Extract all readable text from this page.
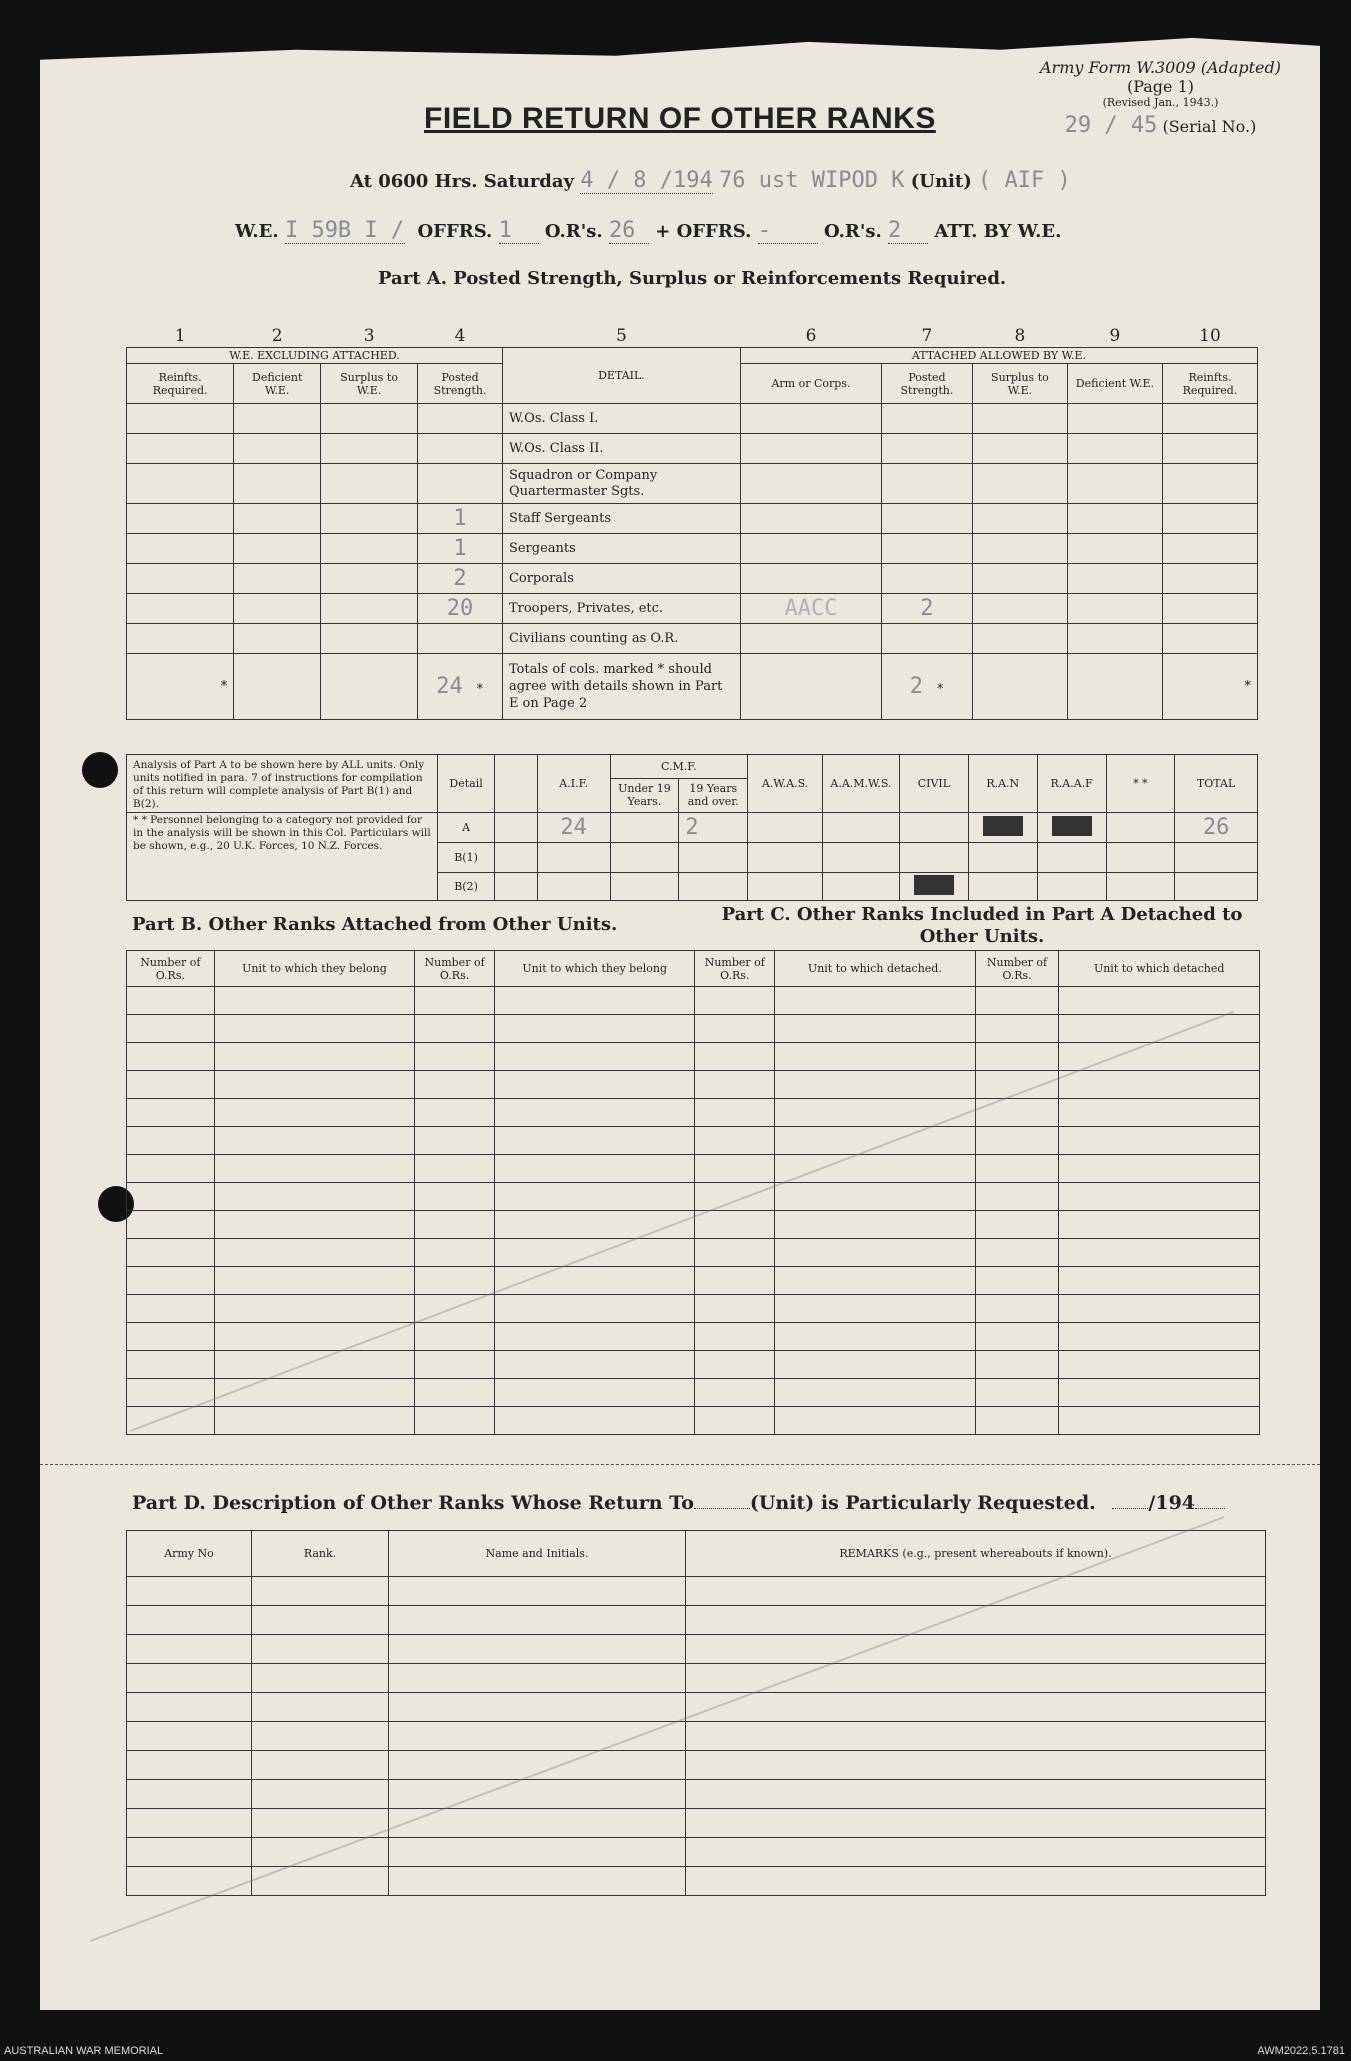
Army Form W.3009 (Adapted)
(Page 1)
(Revised Jan., 1943.)
29 / 45 (Serial No.)
FIELD RETURN OF OTHER RANKS
At 0600 Hrs. Saturday 4 / 8 /194 76 ust WIPOD K (Unit) ( AIF )
W.E. I 59B I / OFFRS. 1 O.R's. 26 + OFFRS. -	O.R's. 2 ATT. BY W.E.
Part A. Posted Strength, Surplus or Reinforcements Required.
1	2	3	4	5	6	7	8	9	10
W.E. EXCLUDING ATTACHED.				DETAIL.	ATTACHED ALLOWED BY W.E.				
Reinfts. Required.	Deficient W.E.	Surplus to W.E.	Posted Strength.		Arm or Corps.	Posted Strength.	Surplus to W.E.	Deficient W.E.	Reinfts. Required.
				W.Os. Class I.					
				W.Os. Class II.					
				Squadron or Company Quartermaster Sgts.					
			1	Staff Sergeants					
			1	Sergeants					
			2	Corporals					
			20	Troopers, Privates, etc.	AACC	2			
				Civilians counting as O.R.					
*			24 *	Totals of cols. marked * should agree with details shown in Part E on Page 2		2 *			*
Analysis of Part A to be shown here by ALL units. Only units notified in para. 7 of instructions for compilation of this return will complete analysis of Part B(1) and B(2).	Detail		A.I.F.	C.M.F.		A.W.A.S.	A.A.M.W.S.	CIVIL	R.A.N	R.A.A.F	* *	TOTAL
				Under 19 Years.	19 Years and over.							
* * Personnel belonging to a category not provided for in the analysis will be shown in this Col. Particulars will be shown, e.g., 20 U.K. Forces, 10 N.Z. Forces.	A		24		2							26
	B(1)											
	B(2)											
Part B. Other Ranks Attached from Other Units.	Part C. Other Ranks Included in Part A Detached to Other Units.
Number of O.Rs.	Unit to which they belong	Number of O.Rs.	Unit to which they belong	Number of O.Rs.	Unit to which detached.	Number of O.Rs.	Unit to which detached

Part D. Description of Other Ranks Whose Return To	(Unit) is Particularly Requested.	/194
Army No	Rank.	Name and Initials.	REMARKS (e.g., present whereabouts if known).

AUSTRALIAN WAR MEMORIAL	AWM2022.5.1781
